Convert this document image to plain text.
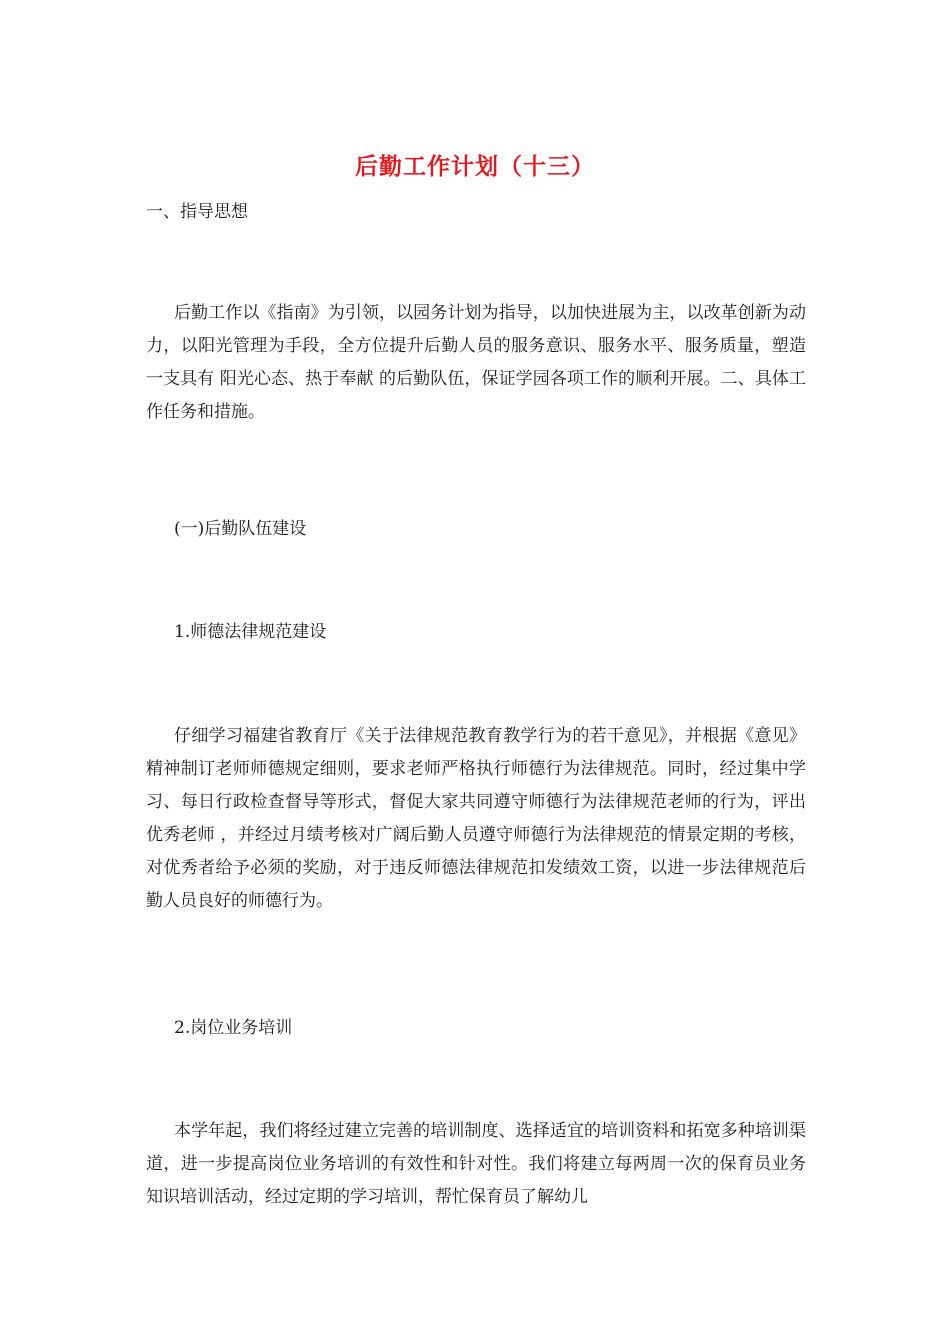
后勤工作计划（十三）
一、指导思想
后勤工作以《指南》为引领，以园务计划为指导，以加快进展为主，以改革创新为动力，以阳光管理为手段，全方位提升后勤人员的服务意识、服务水平、服务质量，塑造一支具有 阳光心态、热于奉献 的后勤队伍，保证学园各项工作的顺利开展。二、具体工作任务和措施。
(一)后勤队伍建设
1.师德法律规范建设
仔细学习福建省教育厅《关于法律规范教育教学行为的若干意见》，并根据《意见》精神制订老师师德规定细则，要求老师严格执行师德行为法律规范。同时，经过集中学习、每日行政检查督导等形式，督促大家共同遵守师德行为法律规范老师的行为，评出 优秀老师 ，并经过月绩考核对广阔后勤人员遵守师德行为法律规范的情景定期的考核，对优秀者给予必须的奖励，对于违反师德法律规范扣发绩效工资，以进一步法律规范后勤人员良好的师德行为。
2.岗位业务培训
本学年起，我们将经过建立完善的培训制度、选择适宜的培训资料和拓宽多种培训渠道，进一步提高岗位业务培训的有效性和针对性。我们将建立每两周一次的保育员业务知识培训活动，经过定期的学习培训，帮忙保育员了解幼儿
